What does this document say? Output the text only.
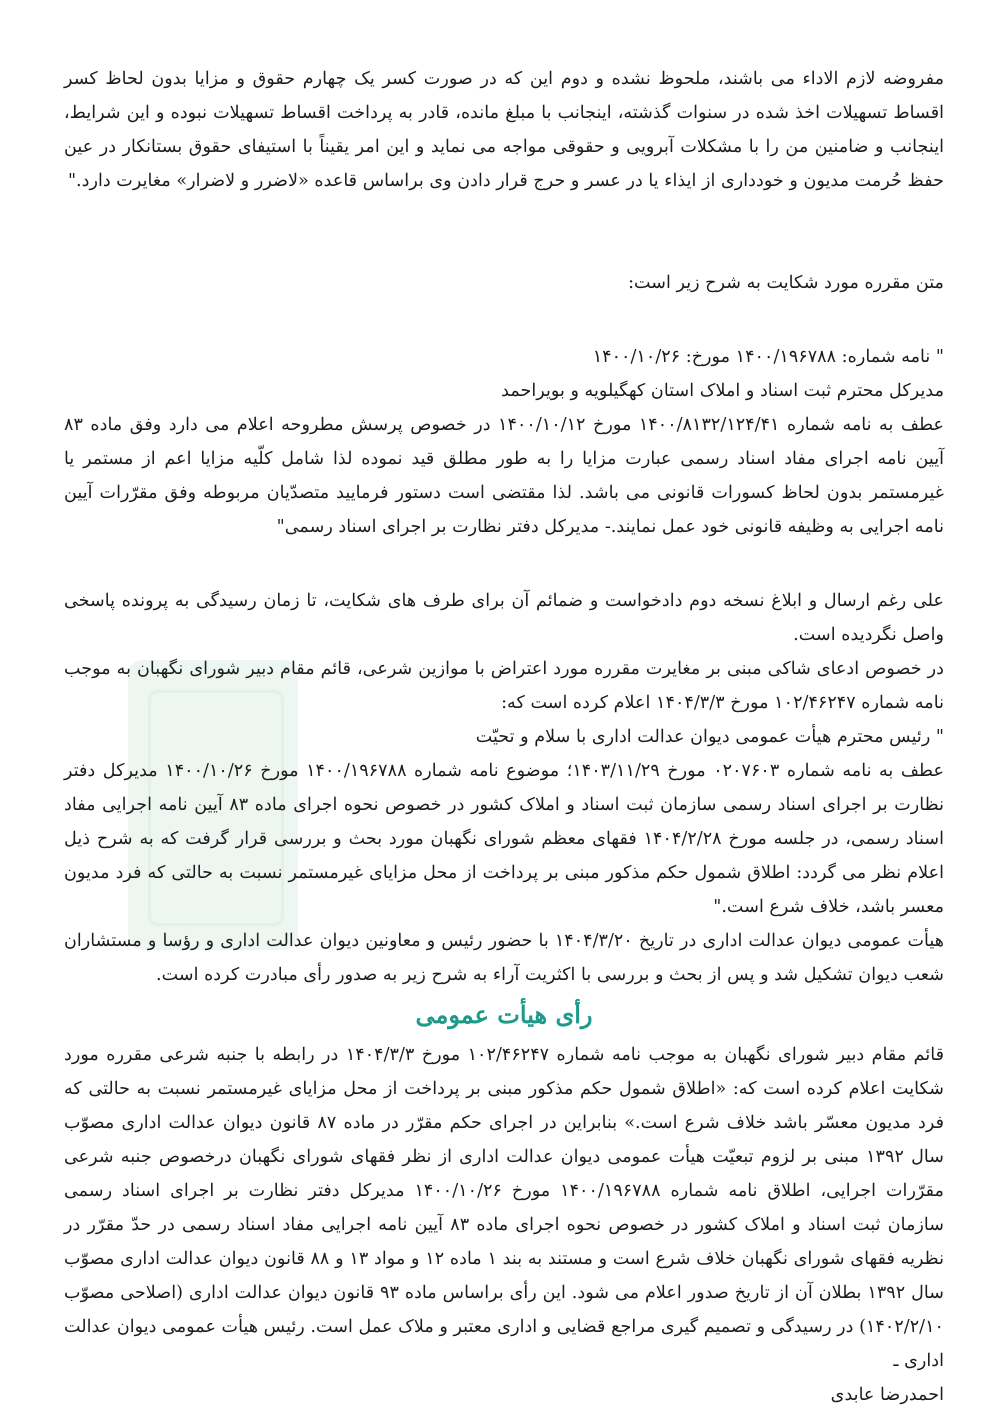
مفروضه لازم الاداء می باشند، ملحوظ نشده و دوم این که در صورت کسر یک چهارم حقوق و مزایا بدون لحاظ کسر اقساط تسهیلات اخذ شده در سنوات گذشته، اینجانب با مبلغ مانده، قادر به پرداخت اقساط تسهیلات نبوده و این شرایط، اینجانب و ضامنین من را با مشکلات آبرویی و حقوقی مواجه می نماید و این امر یقیناً با استیفای حقوق بستانکار در عین حفظ حُرمت مدیون و خودداری از ایذاء یا در عسر و حرج قرار دادن وی براساس قاعده «لاضرر و لاضرار» مغایرت دارد."

متن مقرره مورد شکایت به شرح زیر است:

" نامه شماره: ۱۴۰۰/۱۹۶۷۸۸ مورخ: ۱۴۰۰/۱۰/۲۶

مدیرکل محترم ثبت اسناد و املاک استان کهگیلویه و بویراحمد

عطف به نامه شماره ۱۴۰۰/۸۱۳۲/۱۲۴/۴۱ مورخ ۱۴۰۰/۱۰/۱۲ در خصوص پرسش مطروحه اعلام می دارد وفق ماده ۸۳ آیین نامه اجرای مفاد اسناد رسمی عبارت مزایا را به طور مطلق قید نموده لذا شامل کلّیه مزایا اعم از مستمر یا غیرمستمر بدون لحاظ کسورات قانونی می باشد. لذا مقتضی است دستور فرمایید متصدّیان مربوطه وفق مقرّرات آیین نامه اجرایی به وظیفه قانونی خود عمل نمایند.- مدیرکل دفتر نظارت بر اجرای اسناد رسمی"

علی رغم ارسال و ابلاغ نسخه دوم دادخواست و ضمائم آن برای طرف های شکایت، تا زمان رسیدگی به پرونده پاسخی واصل نگردیده است.

در خصوص ادعای شاکی مبنی بر مغایرت مقرره مورد اعتراض با موازین شرعی، قائم مقام دبیر شورای نگهبان به موجب نامه شماره ۱۰۲/۴۶۲۴۷ مورخ ۱۴۰۴/۳/۳ اعلام کرده است که:

" رئیس محترم هیأت عمومی دیوان عدالت اداری با سلام و تحیّت

عطف به نامه شماره ۰۲۰۷۶۰۳ مورخ ۱۴۰۳/۱۱/۲۹؛ موضوع نامه شماره ۱۴۰۰/۱۹۶۷۸۸ مورخ ۱۴۰۰/۱۰/۲۶ مدیرکل دفتر نظارت بر اجرای اسناد رسمی سازمان ثبت اسناد و املاک کشور در خصوص نحوه اجرای ماده ۸۳ آیین نامه اجرایی مفاد اسناد رسمی، در جلسه مورخ ۱۴۰۴/۲/۲۸ فقهای معظم شورای نگهبان مورد بحث و بررسی قرار گرفت که به شرح ذیل اعلام نظر می گردد: اطلاق شمول حکم مذکور مبنی بر پرداخت از محل مزایای غیرمستمر نسبت به حالتی که فرد مدیون معسر باشد، خلاف شرع است."

هیأت عمومی دیوان عدالت اداری در تاریخ ۱۴۰۴/۳/۲۰ با حضور رئیس و معاونین دیوان عدالت اداری و رؤسا و مستشاران شعب دیوان تشکیل شد و پس از بحث و بررسی با اکثریت آراء به شرح زیر به صدور رأی مبادرت کرده است.

رأی هیأت عمومی

قائم مقام دبیر شورای نگهبان به موجب نامه شماره ۱۰۲/۴۶۲۴۷ مورخ ۱۴۰۴/۳/۳ در رابطه با جنبه شرعی مقرره مورد شکایت اعلام کرده است که: «اطلاق شمول حکم مذکور مبنی بر پرداخت از محل مزایای غیرمستمر نسبت به حالتی که فرد مدیون معسّر باشد خلاف شرع است.» بنابراین در اجرای حکم مقرّر در ماده ۸۷ قانون دیوان عدالت اداری مصوّب سال ۱۳۹۲ مبنی بر لزوم تبعیّت هیأت عمومی دیوان عدالت اداری از نظر فقهای شورای نگهبان درخصوص جنبه شرعی مقرّرات اجرایی، اطلاق نامه شماره ۱۴۰۰/۱۹۶۷۸۸ مورخ ۱۴۰۰/۱۰/۲۶ مدیرکل دفتر نظارت بر اجرای اسناد رسمی سازمان ثبت اسناد و املاک کشور در خصوص نحوه اجرای ماده ۸۳ آیین نامه اجرایی مفاد اسناد رسمی در حدّ مقرّر در نظریه فقهای شورای نگهبان خلاف شرع است و مستند به بند ۱ ماده ۱۲ و مواد ۱۳ و ۸۸ قانون دیوان عدالت اداری مصوّب سال ۱۳۹۲ بطلان آن از تاریخ صدور اعلام می شود. این رأی براساس ماده ۹۳ قانون دیوان عدالت اداری (اصلاحی مصوّب ۱۴۰۲/۲/۱۰) در رسیدگی و تصمیم گیری مراجع قضایی و اداری معتبر و ملاک عمل است. رئیس هیأت عمومی دیوان عدالت اداری ـ

احمدرضا عابدی
